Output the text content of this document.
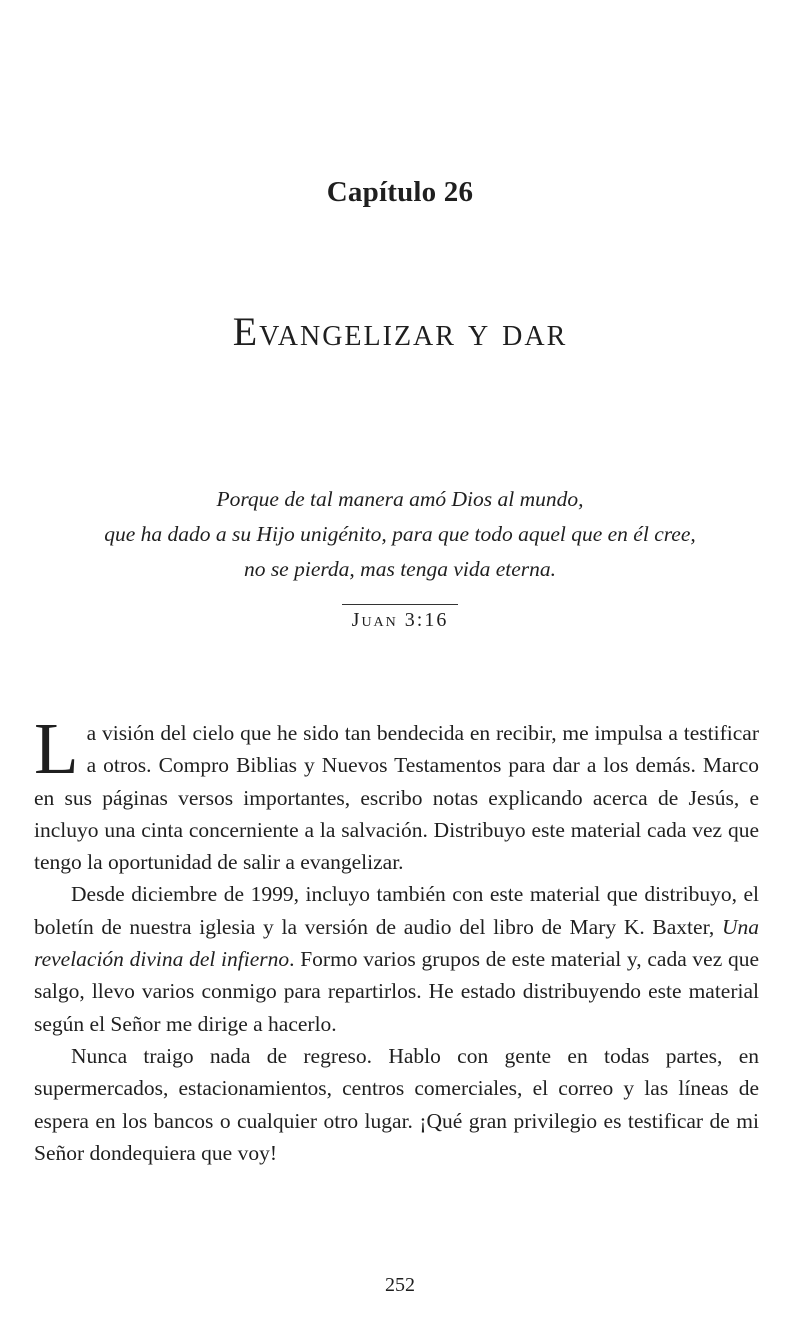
Capítulo 26
Evangelizar y dar
Porque de tal manera amó Dios al mundo,
que ha dado a su Hijo unigénito, para que todo aquel que en él cree,
no se pierda, mas tenga vida eterna.
Juan 3:16

La visión del cielo que he sido tan bendecida en recibir, me impulsa a testificar a otros. Compro Biblias y Nuevos Testamentos para dar a los demás. Marco en sus páginas versos importantes, escribo notas explicando acerca de Jesús, e incluyo una cinta concerniente a la salvación. Distribuyo este material cada vez que tengo la oportunidad de salir a evangelizar.

Desde diciembre de 1999, incluyo también con este material que distribuyo, el boletín de nuestra iglesia y la versión de audio del libro de Mary K. Baxter, Una revelación divina del infierno. Formo varios grupos de este material y, cada vez que salgo, llevo varios conmigo para repartirlos. He estado distribuyendo este material según el Señor me dirige a hacerlo.

Nunca traigo nada de regreso. Hablo con gente en todas partes, en supermercados, estacionamientos, centros comerciales, el correo y las líneas de espera en los bancos o cualquier otro lugar. ¡Qué gran privilegio es testificar de mi Señor dondequiera que voy!

252
